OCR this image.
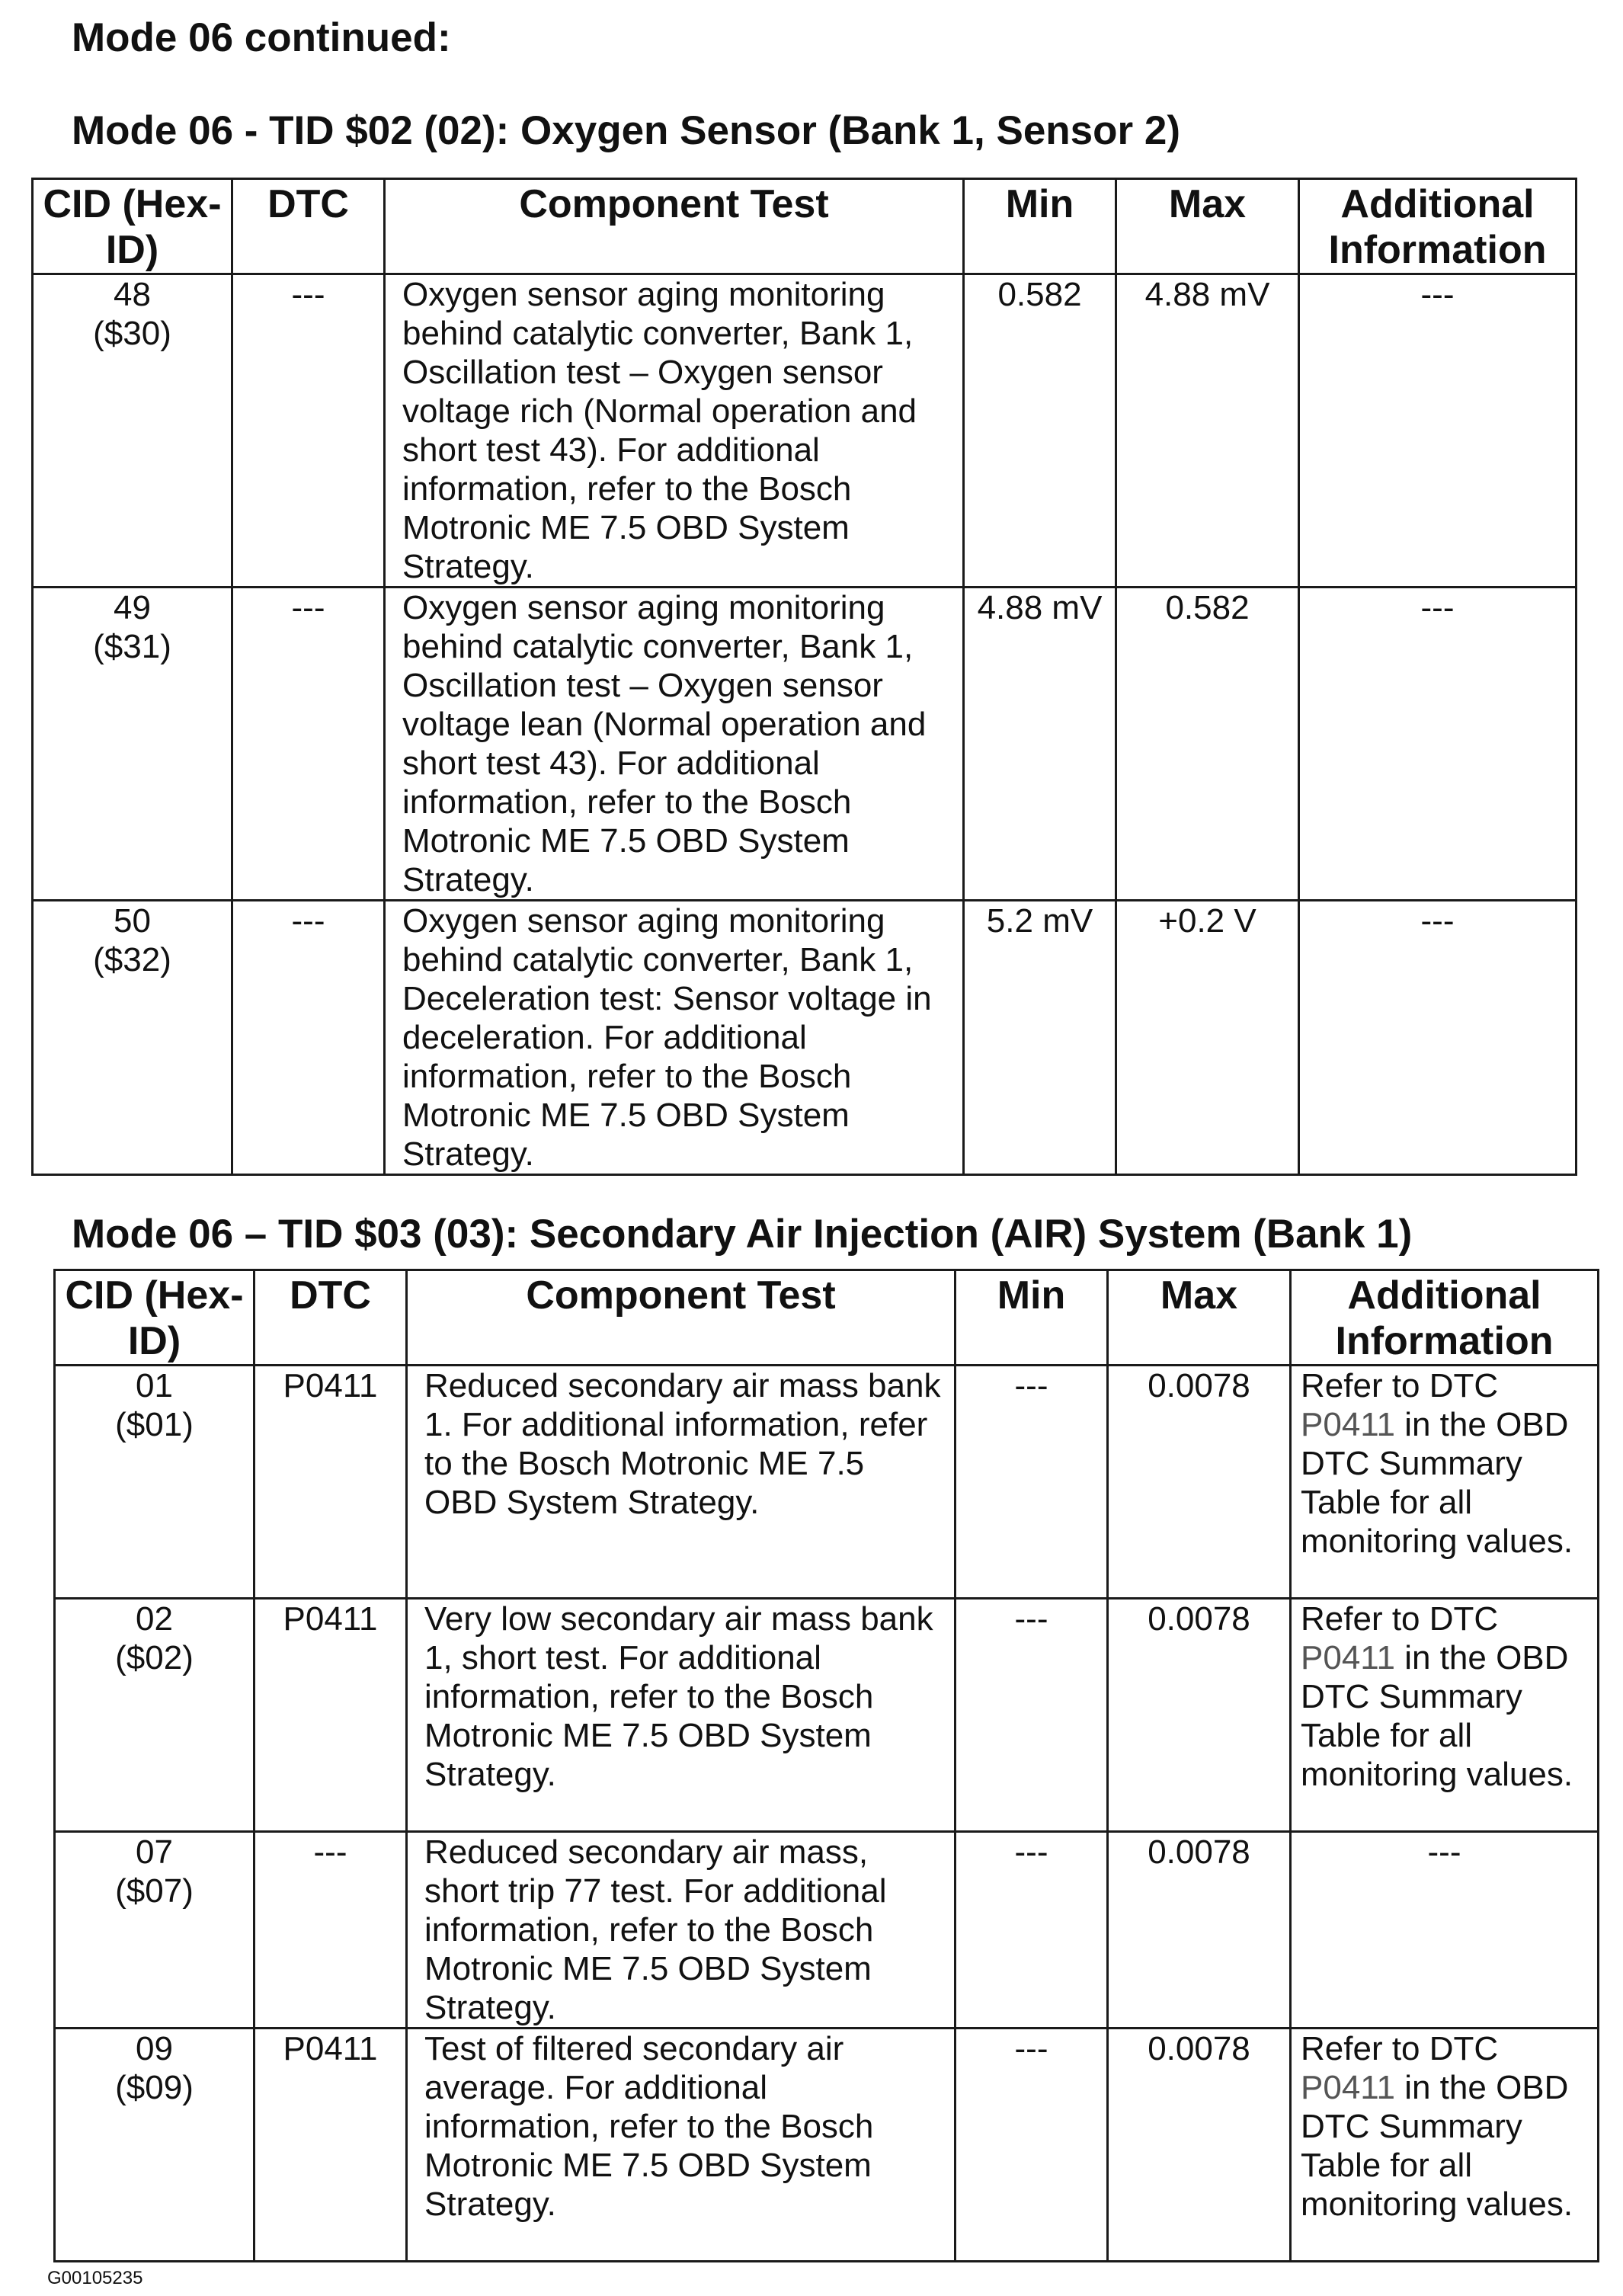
Mode 06 continued:
Mode 06 - TID $02 (02): Oxygen Sensor (Bank 1, Sensor 2)
CID (Hex-ID)	DTC	Component Test	Min	Max	Additional Information
48
($30)	---	Oxygen sensor aging monitoring behind catalytic converter, Bank 1, Oscillation test – Oxygen sensor voltage rich (Normal operation and short test 43). For additional information, refer to the Bosch Motronic ME 7.5 OBD System Strategy.	0.582	4.88 mV	---
49
($31)	---	Oxygen sensor aging monitoring behind catalytic converter, Bank 1, Oscillation test – Oxygen sensor voltage lean (Normal operation and short test 43). For additional information, refer to the Bosch Motronic ME 7.5 OBD System Strategy.	4.88 mV	0.582	---
50
($32)	---	Oxygen sensor aging monitoring behind catalytic converter, Bank 1, Deceleration test: Sensor voltage in deceleration. For additional information, refer to the Bosch Motronic ME 7.5 OBD System Strategy.	5.2 mV	+0.2 V	---
Mode 06 – TID $03 (03): Secondary Air Injection (AIR) System (Bank 1)
CID (Hex-ID)	DTC	Component Test	Min	Max	Additional Information
01
($01)	P0411	Reduced secondary air mass bank 1. For additional information, refer to the Bosch Motronic ME 7.5 OBD System Strategy.	---	0.0078	Refer to DTC
P0411 in the OBD DTC Summary Table for all monitoring values.
02
($02)	P0411	Very low secondary air mass bank 1, short test. For additional information, refer to the Bosch Motronic ME 7.5 OBD System Strategy.	---	0.0078	Refer to DTC
P0411 in the OBD DTC Summary Table for all monitoring values.
07
($07)	---	Reduced secondary air mass, short trip 77 test. For additional information, refer to the Bosch Motronic ME 7.5 OBD System Strategy.	---	0.0078	---
09
($09)	P0411	Test of filtered secondary air average. For additional information, refer to the Bosch Motronic ME 7.5 OBD System Strategy.	---	0.0078	Refer to DTC
P0411 in the OBD DTC Summary Table for all monitoring values.
G00105235
